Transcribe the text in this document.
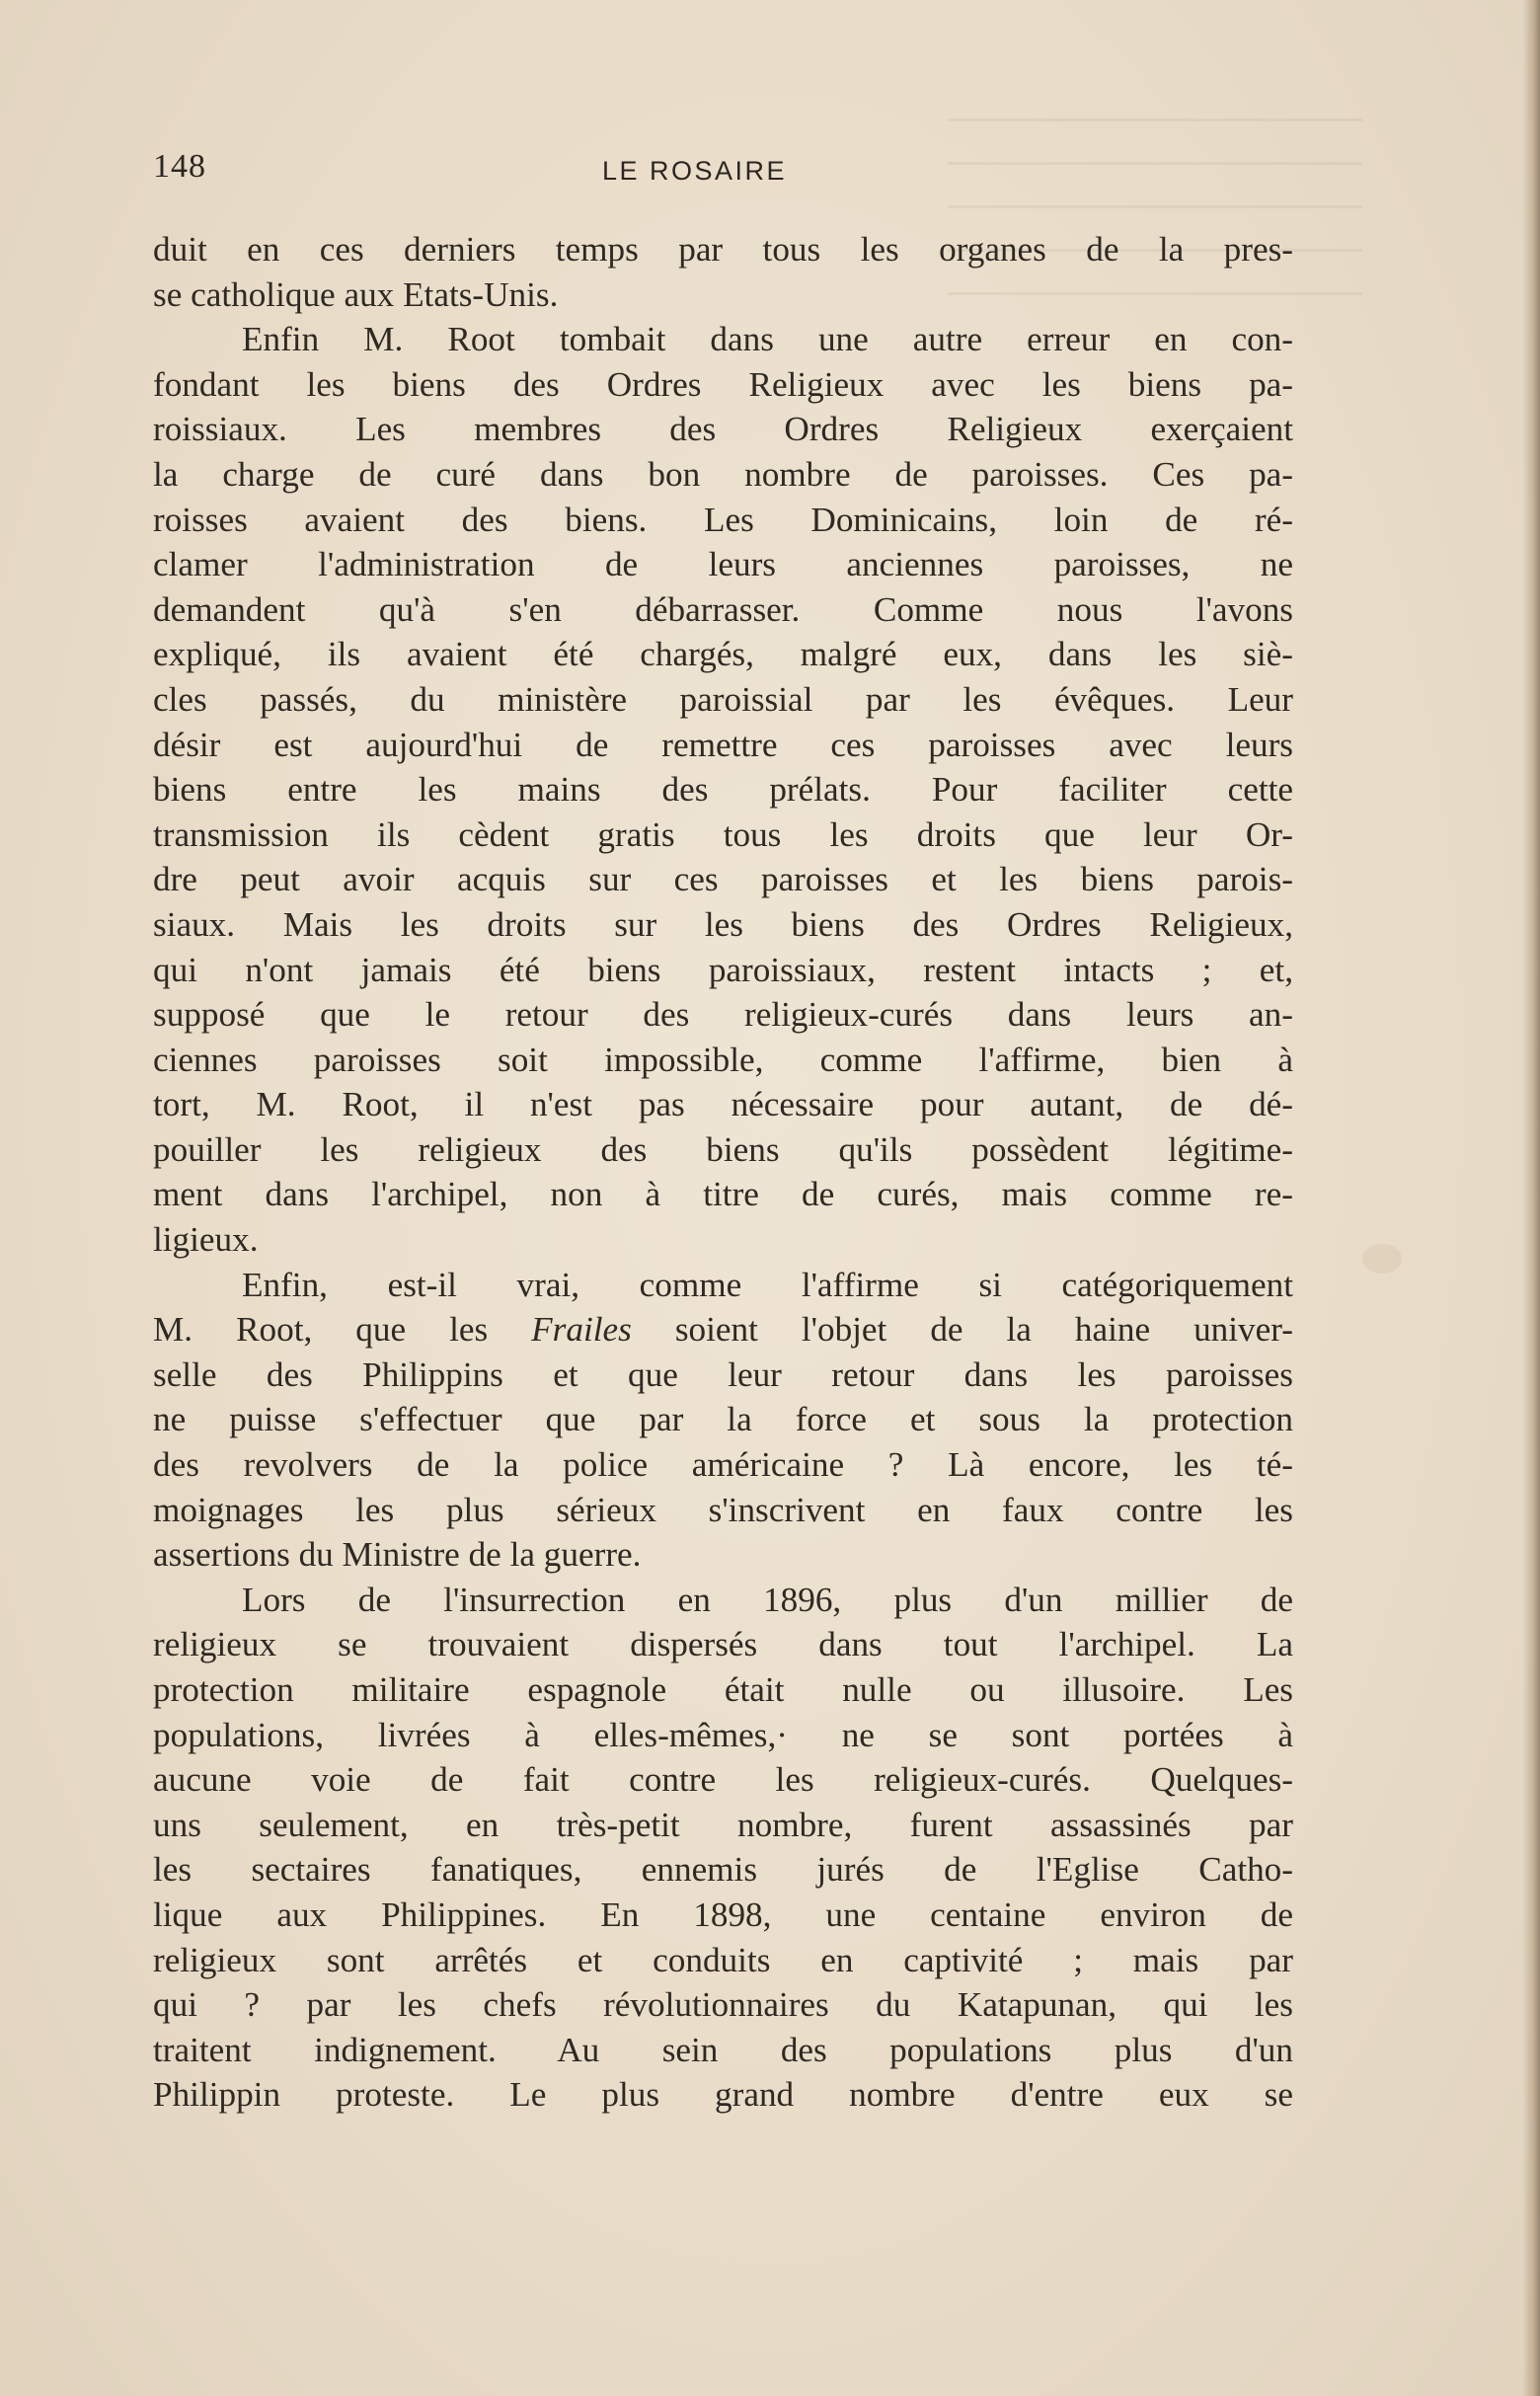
148	LE ROSAIRE
duit en ces derniers temps par tous les organes de la pres-
se catholique aux Etats-Unis.
Enfin M. Root tombait dans une autre erreur en con-
fondant les biens des Ordres Religieux avec les biens pa-
roissiaux. Les membres des Ordres Religieux exerçaient
la charge de curé dans bon nombre de paroisses. Ces pa-
roisses avaient des biens. Les Dominicains, loin de ré-
clamer l'administration de leurs anciennes paroisses, ne
demandent qu'à s'en débarrasser. Comme nous l'avons
expliqué, ils avaient été chargés, malgré eux, dans les siè-
cles passés, du ministère paroissial par les évêques. Leur
désir est aujourd'hui de remettre ces paroisses avec leurs
biens entre les mains des prélats. Pour faciliter cette
transmission ils cèdent gratis tous les droits que leur Or-
dre peut avoir acquis sur ces paroisses et les biens parois-
siaux. Mais les droits sur les biens des Ordres Religieux,
qui n'ont jamais été biens paroissiaux, restent intacts ; et,
supposé que le retour des religieux-curés dans leurs an-
ciennes paroisses soit impossible, comme l'affirme, bien à
tort, M. Root, il n'est pas nécessaire pour autant, de dé-
pouiller les religieux des biens qu'ils possèdent légitime-
ment dans l'archipel, non à titre de curés, mais comme re-
ligieux.
Enfin, est-il vrai, comme l'affirme si catégoriquement
M. Root, que les Frailes soient l'objet de la haine univer-
selle des Philippins et que leur retour dans les paroisses
ne puisse s'effectuer que par la force et sous la protection
des revolvers de la police américaine ? Là encore, les té-
moignages les plus sérieux s'inscrivent en faux contre les
assertions du Ministre de la guerre.
Lors de l'insurrection en 1896, plus d'un millier de
religieux se trouvaient dispersés dans tout l'archipel. La
protection militaire espagnole était nulle ou illusoire. Les
populations, livrées à elles-mêmes,· ne se sont portées à
aucune voie de fait contre les religieux-curés. Quelques-
uns seulement, en très-petit nombre, furent assassinés par
les sectaires fanatiques, ennemis jurés de l'Eglise Catho-
lique aux Philippines. En 1898, une centaine environ de
religieux sont arrêtés et conduits en captivité ; mais par
qui ? par les chefs révolutionnaires du Katapunan, qui les
traitent indignement. Au sein des populations plus d'un
Philippin proteste. Le plus grand nombre d'entre eux se
